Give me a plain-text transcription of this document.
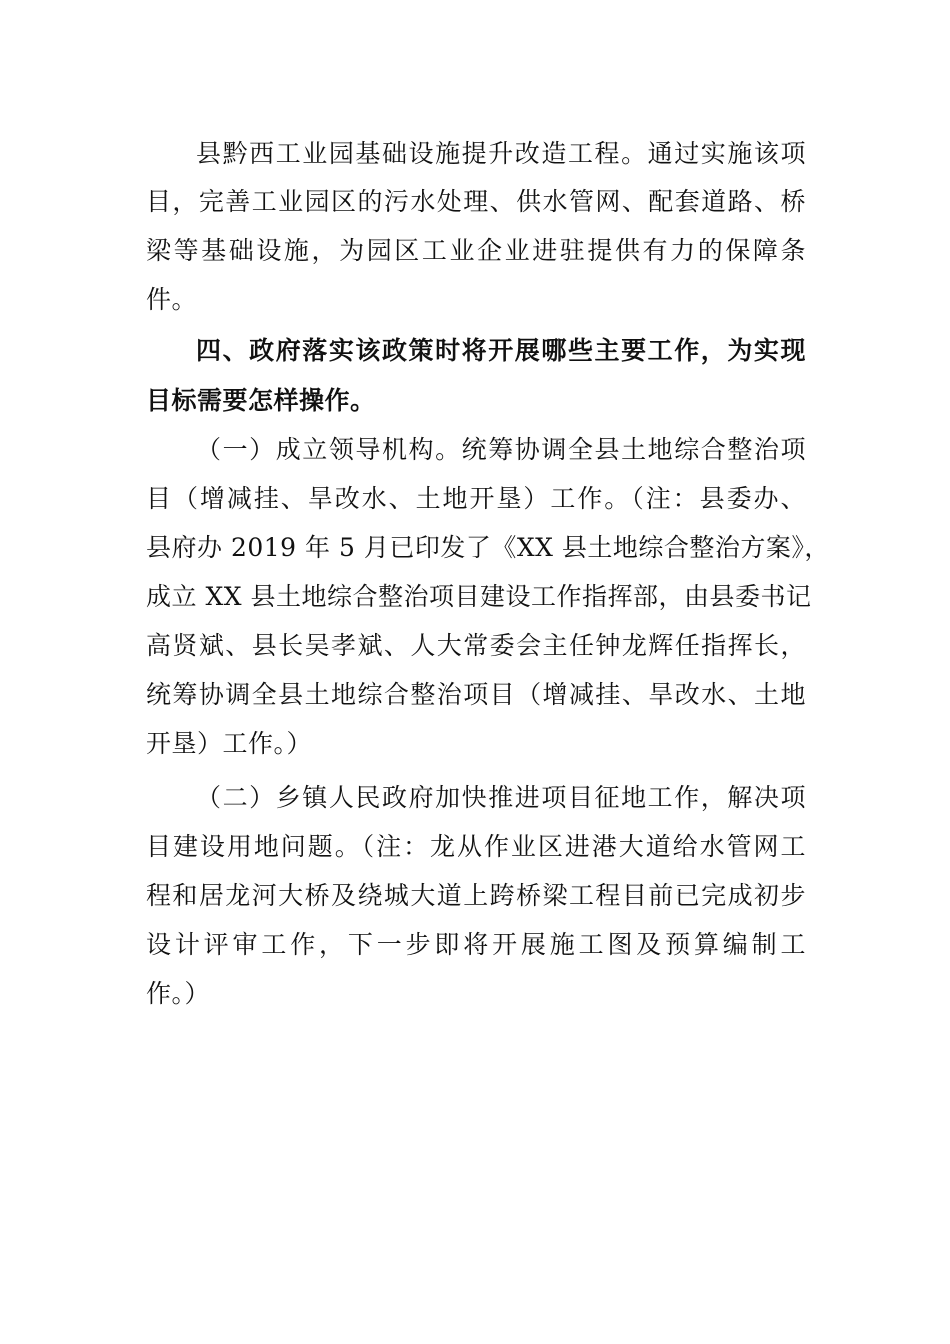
县黔西工业园基础设施提升改造工程。通过实施该项
目，完善工业园区的污水处理、供水管网、配套道路、桥
梁等基础设施，为园区工业企业进驻提供有力的保障条
件。
四、政府落实该政策时将开展哪些主要工作，为实现
目标需要怎样操作。
（一）成立领导机构。统筹协调全县土地综合整治项
目（增减挂、旱改水、土地开垦）工作。（注：县委办、
县府办 2019 年 5 月已印发了《XX 县土地综合整治方案》，
成立 XX 县土地综合整治项目建设工作指挥部，由县委书记
高贤斌、县长吴孝斌、人大常委会主任钟龙辉任指挥长，
统筹协调全县土地综合整治项目（增减挂、旱改水、土地
开垦）工作。）
（二）乡镇人民政府加快推进项目征地工作，解决项
目建设用地问题。（注：龙从作业区进港大道给水管网工
程和居龙河大桥及绕城大道上跨桥梁工程目前已完成初步
设计评审工作，下一步即将开展施工图及预算编制工
作。）
